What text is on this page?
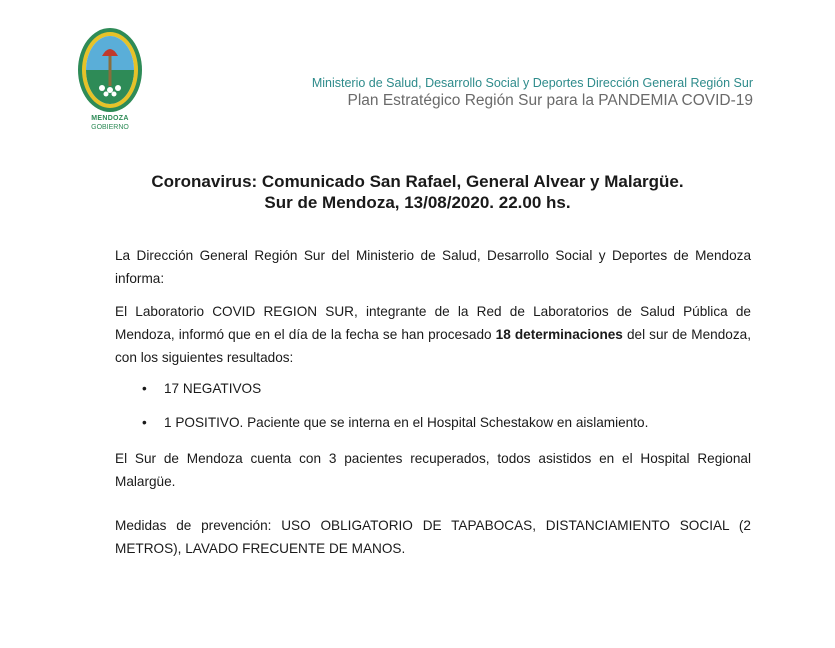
MENDOZA
GOBIERNO
Ministerio de Salud, Desarrollo Social y Deportes Dirección General Región Sur
Plan Estratégico Región Sur para la PANDEMIA COVID-19
Coronavirus: Comunicado San Rafael, General Alvear y Malargüe.
Sur de Mendoza, 13/08/2020. 22.00 hs.
La Dirección General Región Sur del Ministerio de Salud, Desarrollo Social y Deportes de Mendoza informa:
El Laboratorio COVID REGION SUR, integrante de la Red de Laboratorios de Salud Pública de Mendoza, informó que en el día de la fecha se han procesado 18 determinaciones del sur de Mendoza, con los siguientes resultados:
• 17 NEGATIVOS
• 1 POSITIVO. Paciente que se interna en el Hospital Schestakow en aislamiento.
El Sur de Mendoza cuenta con 3 pacientes recuperados, todos asistidos en el Hospital Regional Malargüe.
Medidas de prevención: USO OBLIGATORIO DE TAPABOCAS, DISTANCIAMIENTO SOCIAL (2 METROS), LAVADO FRECUENTE DE MANOS.
